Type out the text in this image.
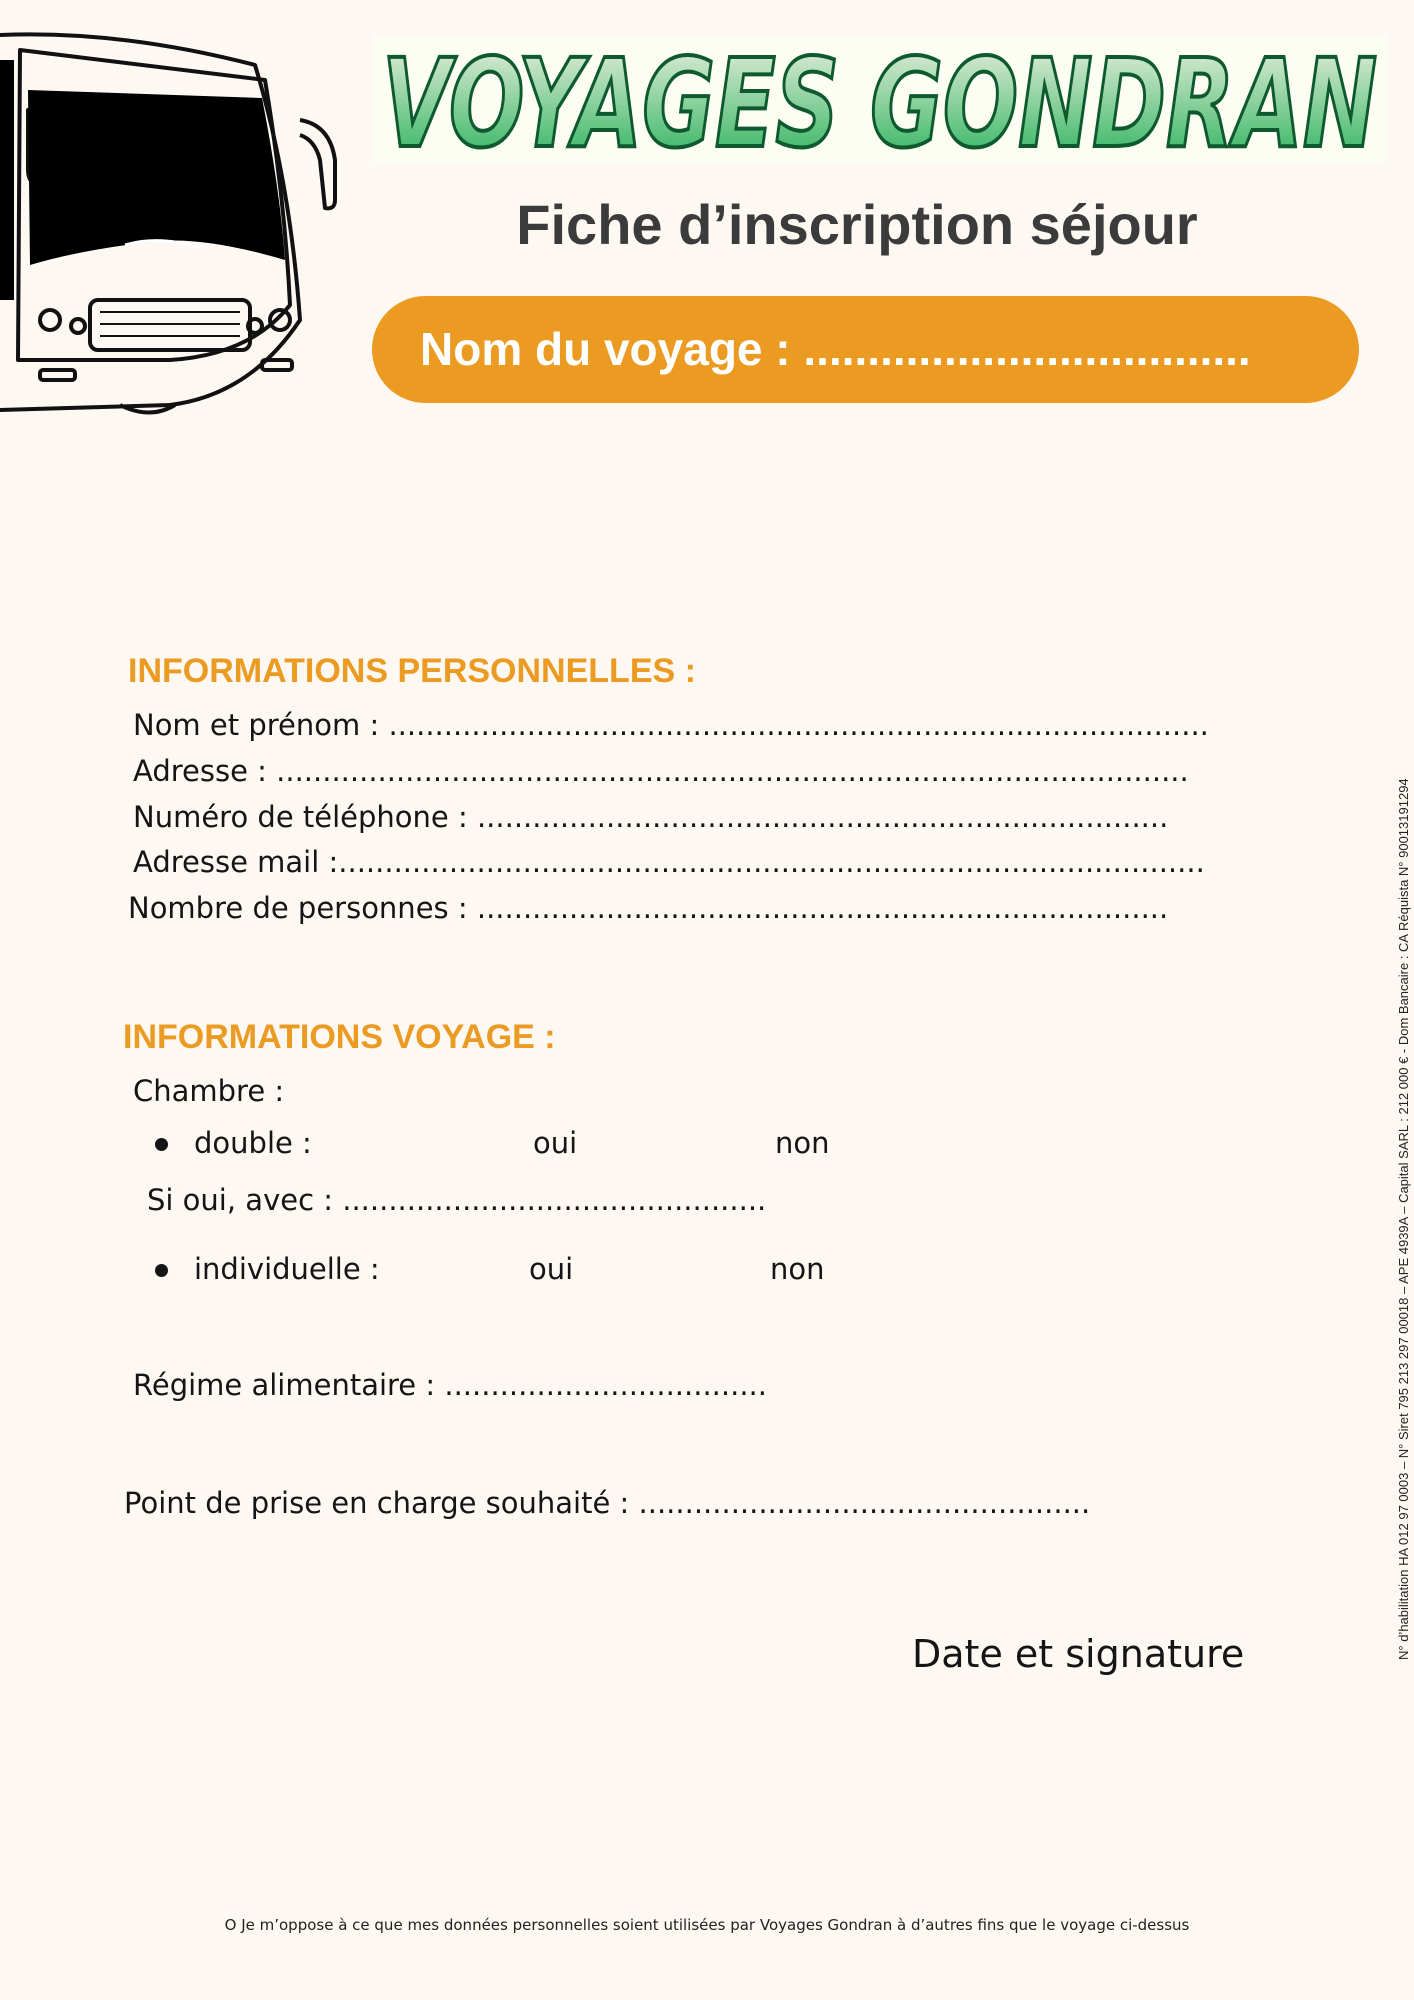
VOYAGES GONDRAN
Fiche d’inscription séjour
Nom du voyage : ...................................
INFORMATIONS PERSONNELLES :
Nom et prénom : .........................................................................................
Adresse : ...................................................................................................
Numéro de téléphone : ...........................................................................
Adresse mail :..............................................................................................
Nombre de personnes : ...........................................................................
INFORMATIONS VOYAGE :
Chambre :
double :	oui	non
Si oui, avec : ..............................................
individuelle :	oui	non
Régime alimentaire : ...................................
Point de prise en charge souhaité : .................................................
Date et signature	N° d’habilitation HA 012 97 0003 – N° Siret 795 213 297 00018 – APE 4939A – Capital SARL : 212 000 € - Dom Bancaire : CA Réquista N° 90013191294
O Je m’oppose à ce que mes données personnelles soient utilisées par Voyages Gondran à d’autres fins que le voyage ci-dessus
